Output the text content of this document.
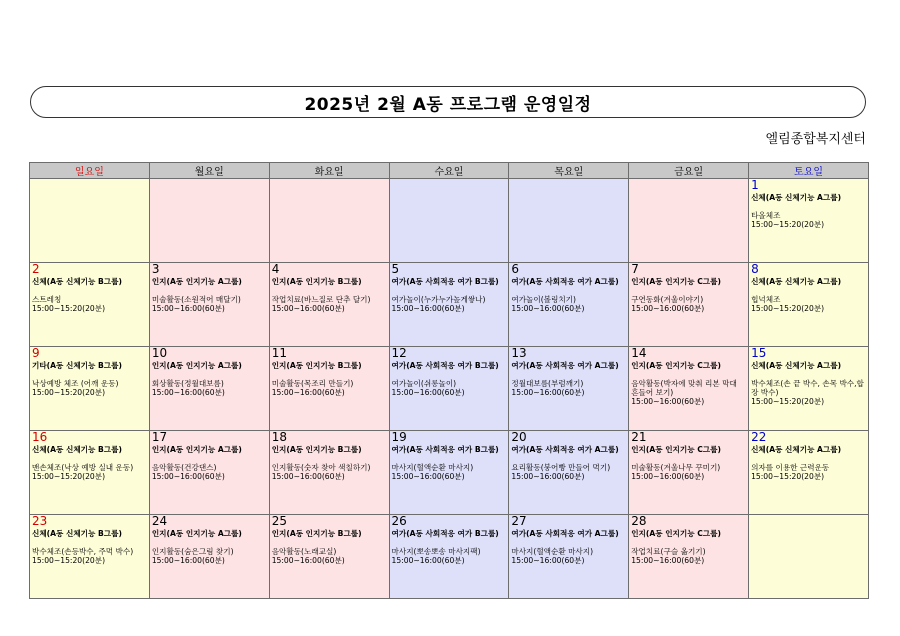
2025년 2월 A동 프로그램 운영일정
엘림종합복지센터
일요일	월요일	화요일	수요일	목요일	금요일	토요일

						1
신체(A동 신체기능 A그룹)
타올체조
15:00~15:20(20분)

2
신체(A동 신체기능 B그룹)
스트레칭
15:00~15:20(20분)	3
인지(A동 인지기능 A그룹)
미술활동(소원적어 매달기)
15:00~16:00(60분)	4
인지(A동 인지기능 B그룹)
작업치료(바느질로 단추 달기)
15:00~16:00(60분)	5
여가(A동 사회적응 여가 B그룹)
여가놀이(누가누가높게쌓나)
15:00~16:00(60분)	6
여가(A동 사회적응 여가 A그룹)
여가놀이(볼링치기)
15:00~16:00(60분)	7
인지(A동 인지기능 C그룹)
구연동화(겨울이야기)
15:00~16:00(60분)	8
신체(A동 신체기능 A그룹)
힙넉체조
15:00~15:20(20분)

9
기타(A동 신체기능 B그룹)
낙상예방 체조 (어깨 운동)
15:00~15:20(20분)	10
인지(A동 인지기능 A그룹)
회상활동(정월대보름)
15:00~16:00(60분)	11
인지(A동 인지기능 B그룹)
미술활동(목조리 만들기)
15:00~16:00(60분)	12
여가(A동 사회적응 여가 B그룹)
여가놀이(쉬롱놀이)
15:00~16:00(60분)	13
여가(A동 사회적응 여가 A그룹)
정월대보름(부럼깨기)
15:00~16:00(60분)	14
인지(A동 인지기능 C그룹)
음악활동(박자에 맞춰 리본 막대 흔들어 보기)
15:00~16:00(60분)	15
신체(A동 신체기능 A그룹)
박수체조(손 끝 박수, 손목 박수,합장 박수)
15:00~15:20(20분)

16
신체(A동 신체기능 B그룹)
맨손체조(낙상 예방 실내 운동)
15:00~15:20(20분)	17
인지(A동 인지기능 A그룹)
음악활동(건강댄스)
15:00~16:00(60분)	18
인지(A동 인지기능 B그룹)
인지활동(숫자 찾아 색칠하기)
15:00~16:00(60분)	19
여가(A동 사회적응 여가 B그룹)
마사지(혈액순환 마사지)
15:00~16:00(60분)	20
여가(A동 사회적응 여가 A그룹)
요리활동(붕어빵 만들어 먹기)
15:00~16:00(60분)	21
인지(A동 인지기능 C그룹)
미술활동(겨울나무 꾸미기)
15:00~16:00(60분)	22
신체(A동 신체기능 A그룹)
의자를 이용한 근력운동
15:00~15:20(20분)

23
신체(A동 신체기능 B그룹)
박수체조(손등박수, 주먹 박수)
15:00~15:20(20분)	24
인지(A동 인지기능 A그룹)
인지활동(숨은그림 찾기)
15:00~16:00(60분)	25
인지(A동 인지기능 B그룹)
음악활동(노래교실)
15:00~16:00(60분)	26
여가(A동 사회적응 여가 B그룹)
마사지(뽀송뽀송 마사지팩)
15:00~16:00(60분)	27
여가(A동 사회적응 여가 A그룹)
마사지(혈액순환 마사지)
15:00~16:00(60분)	28
인지(A동 인지기능 C그룹)
작업치료(구슬 옮기기)
15:00~16:00(60분)	
